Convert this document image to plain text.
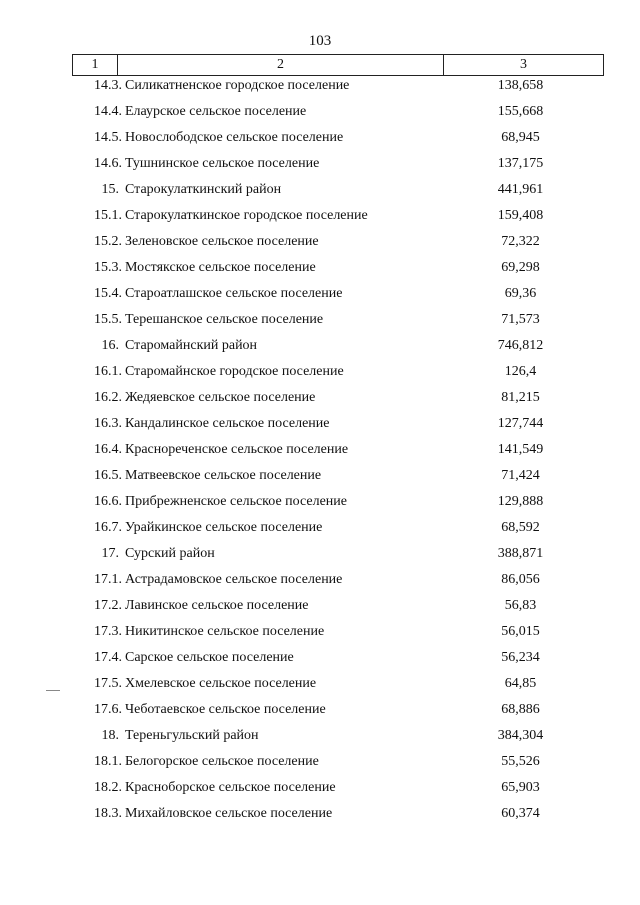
103
1	2	3
14.3. Силикатненское городское поселение	138,658
14.4. Елаурское сельское поселение	155,668
14.5. Новослободское сельское поселение	68,945
14.6. Тушнинское сельское поселение	137,175
15. Старокулаткинский район	441,961
15.1. Старокулаткинское городское поселение	159,408
15.2. Зеленовское сельское поселение	72,322
15.3. Мостякское сельское поселение	69,298
15.4. Староатлашское сельское поселение	69,36
15.5. Терешанское сельское поселение	71,573
16. Старомайнский район	746,812
16.1. Старомайнское городское поселение	126,4
16.2. Жедяевское сельское поселение	81,215
16.3. Кандалинское сельское поселение	127,744
16.4. Краснореченское сельское поселение	141,549
16.5. Матвеевское сельское поселение	71,424
16.6. Прибрежненское сельское поселение	129,888
16.7. Урайкинское сельское поселение	68,592
17. Сурский район	388,871
17.1. Астрадамовское сельское поселение	86,056
17.2. Лавинское сельское поселение	56,83
17.3. Никитинское сельское поселение	56,015
17.4. Сарское сельское поселение	56,234
17.5. Хмелевское сельское поселение	64,85
17.6. Чеботаевское сельское поселение	68,886
18. Тереньгульский район	384,304
18.1. Белогорское сельское поселение	55,526
18.2. Красноборское сельское поселение	65,903
18.3. Михайловское сельское поселение	60,374
